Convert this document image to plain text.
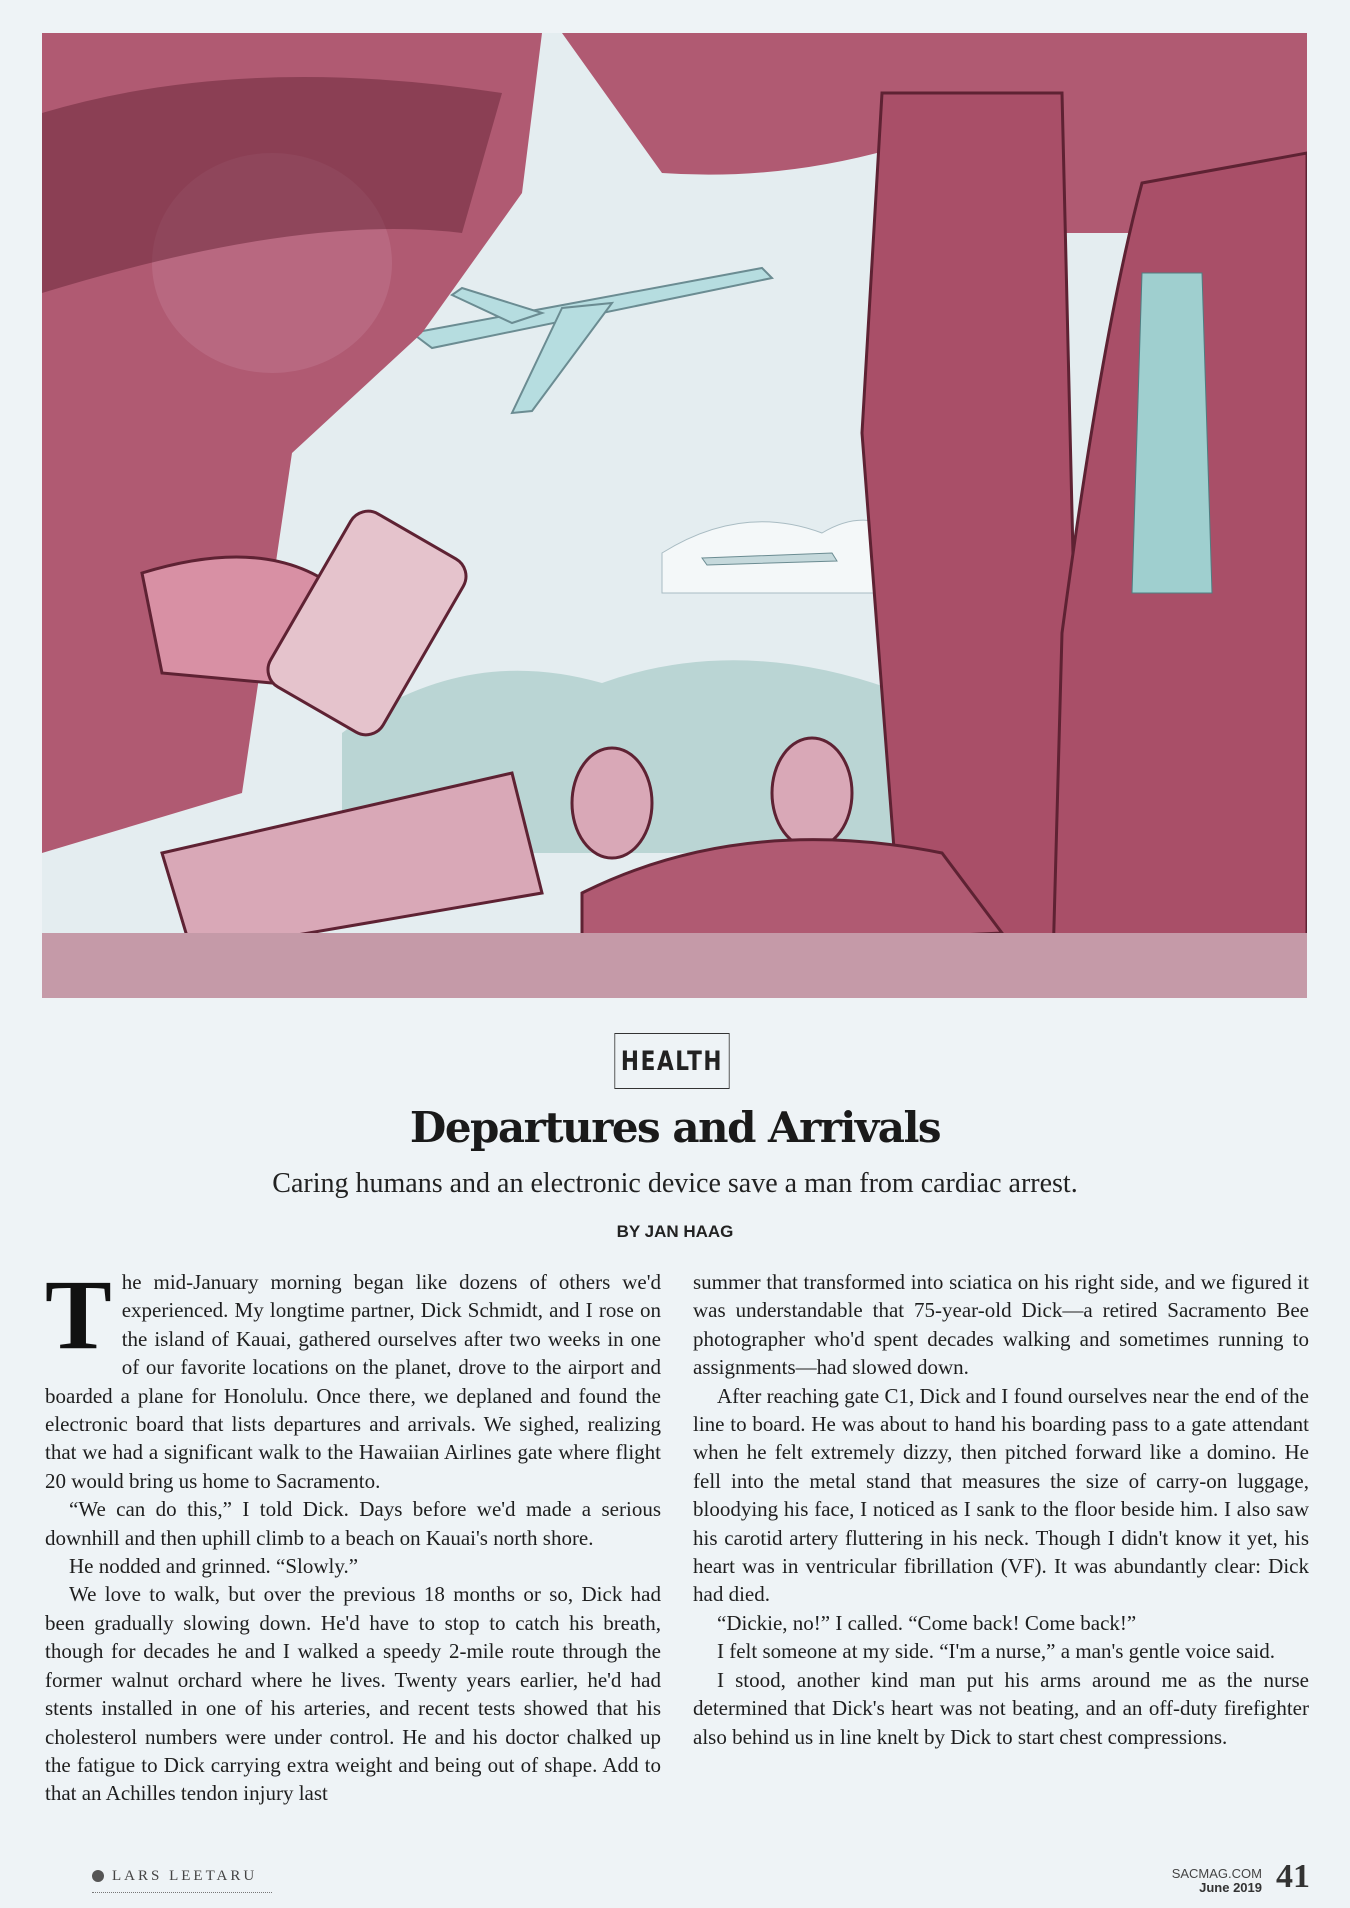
HEALTH
Departures and Arrivals
Caring humans and an electronic device save a man from cardiac arrest.
BY JAN HAAG

The mid-January morning began like dozens of others we'd experienced. My longtime partner, Dick Schmidt, and I rose on the island of Kauai, gathered ourselves after two weeks in one of our favorite locations on the planet, drove to the airport and boarded a plane for Honolulu. Once there, we deplaned and found the electronic board that lists departures and arrivals. We sighed, realizing that we had a significant walk to the Hawaiian Airlines gate where flight 20 would bring us home to Sacramento.

“We can do this,” I told Dick. Days before we'd made a serious downhill and then uphill climb to a beach on Kauai's north shore.

He nodded and grinned. “Slowly.”

We love to walk, but over the previous 18 months or so, Dick had been gradually slowing down. He'd have to stop to catch his breath, though for decades he and I walked a speedy 2-mile route through the former walnut orchard where he lives. Twenty years earlier, he'd had stents installed in one of his arteries, and recent tests showed that his cholesterol numbers were under control. He and his doctor chalked up the fatigue to Dick carrying extra weight and being out of shape. Add to that an Achilles tendon injury last

summer that transformed into sciatica on his right side, and we figured it was understandable that 75-year-old Dick—a retired Sacramento Bee photographer who'd spent decades walking and sometimes running to assignments—had slowed down.

After reaching gate C1, Dick and I found ourselves near the end of the line to board. He was about to hand his boarding pass to a gate attendant when he felt extremely dizzy, then pitched forward like a domino. He fell into the metal stand that measures the size of carry-on luggage, bloodying his face, I noticed as I sank to the floor beside him. I also saw his carotid artery fluttering in his neck. Though I didn't know it yet, his heart was in ventricular fibrillation (VF). It was abundantly clear: Dick had died.

“Dickie, no!” I called. “Come back! Come back!”

I felt someone at my side. “I'm a nurse,” a man's gentle voice said.

I stood, another kind man put his arms around me as the nurse determined that Dick's heart was not beating, and an off-duty firefighter also behind us in line knelt by Dick to start chest compressions.

LARS LEETARU	SACMAG.COM
June 2019 41
